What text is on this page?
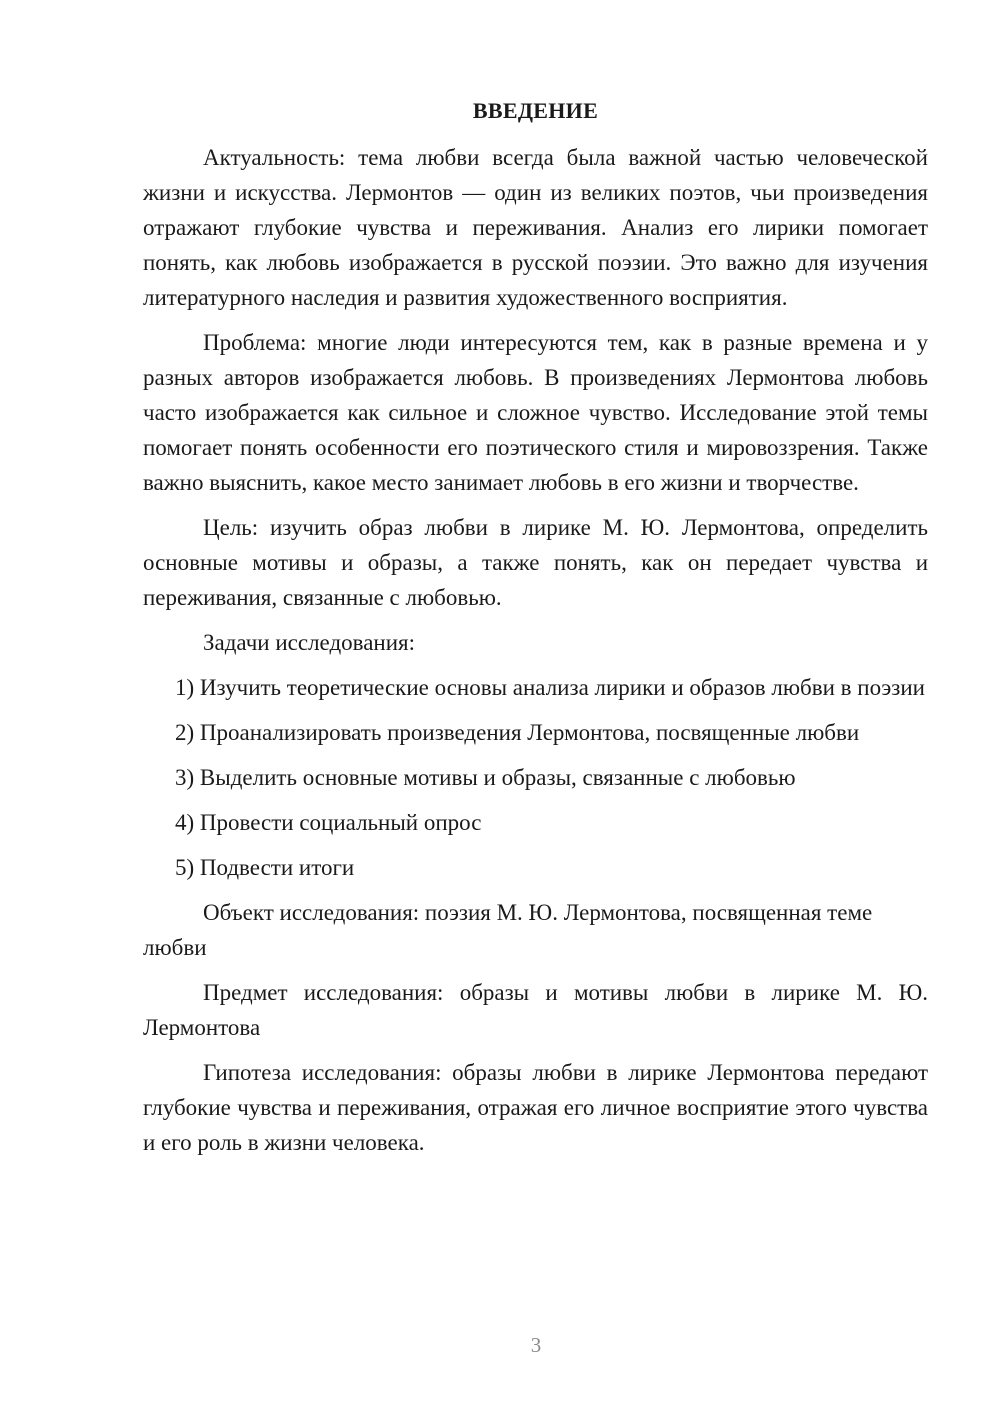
ВВЕДЕНИЕ

Актуальность: тема любви всегда была важной частью человеческой жизни и искусства. Лермонтов — один из великих поэтов, чьи произведения отражают глубокие чувства и переживания. Анализ его лирики помогает понять, как любовь изображается в русской поэзии. Это важно для изучения литературного наследия и развития художественного восприятия.

Проблема: многие люди интересуются тем, как в разные времена и у разных авторов изображается любовь. В произведениях Лермонтова любовь часто изображается как сильное и сложное чувство. Исследование этой темы помогает понять особенности его поэтического стиля и мировоззрения. Также важно выяснить, какое место занимает любовь в его жизни и творчестве.

Цель: изучить образ любви в лирике М. Ю. Лермонтова, определить основные мотивы и образы, а также понять, как он передает чувства и переживания, связанные с любовью.

Задачи исследования:

1) Изучить теоретические основы анализа лирики и образов любви в поэзии

2) Проанализировать произведения Лермонтова, посвященные любви

3) Выделить основные мотивы и образы, связанные с любовью

4) Провести социальный опрос

5) Подвести итоги

Объект исследования: поэзия М. Ю. Лермонтова, посвященная теме любви

Предмет исследования: образы и мотивы любви в лирике М. Ю. Лермонтова

Гипотеза исследования: образы любви в лирике Лермонтова передают глубокие чувства и переживания, отражая его личное восприятие этого чувства и его роль в жизни человека.

3
